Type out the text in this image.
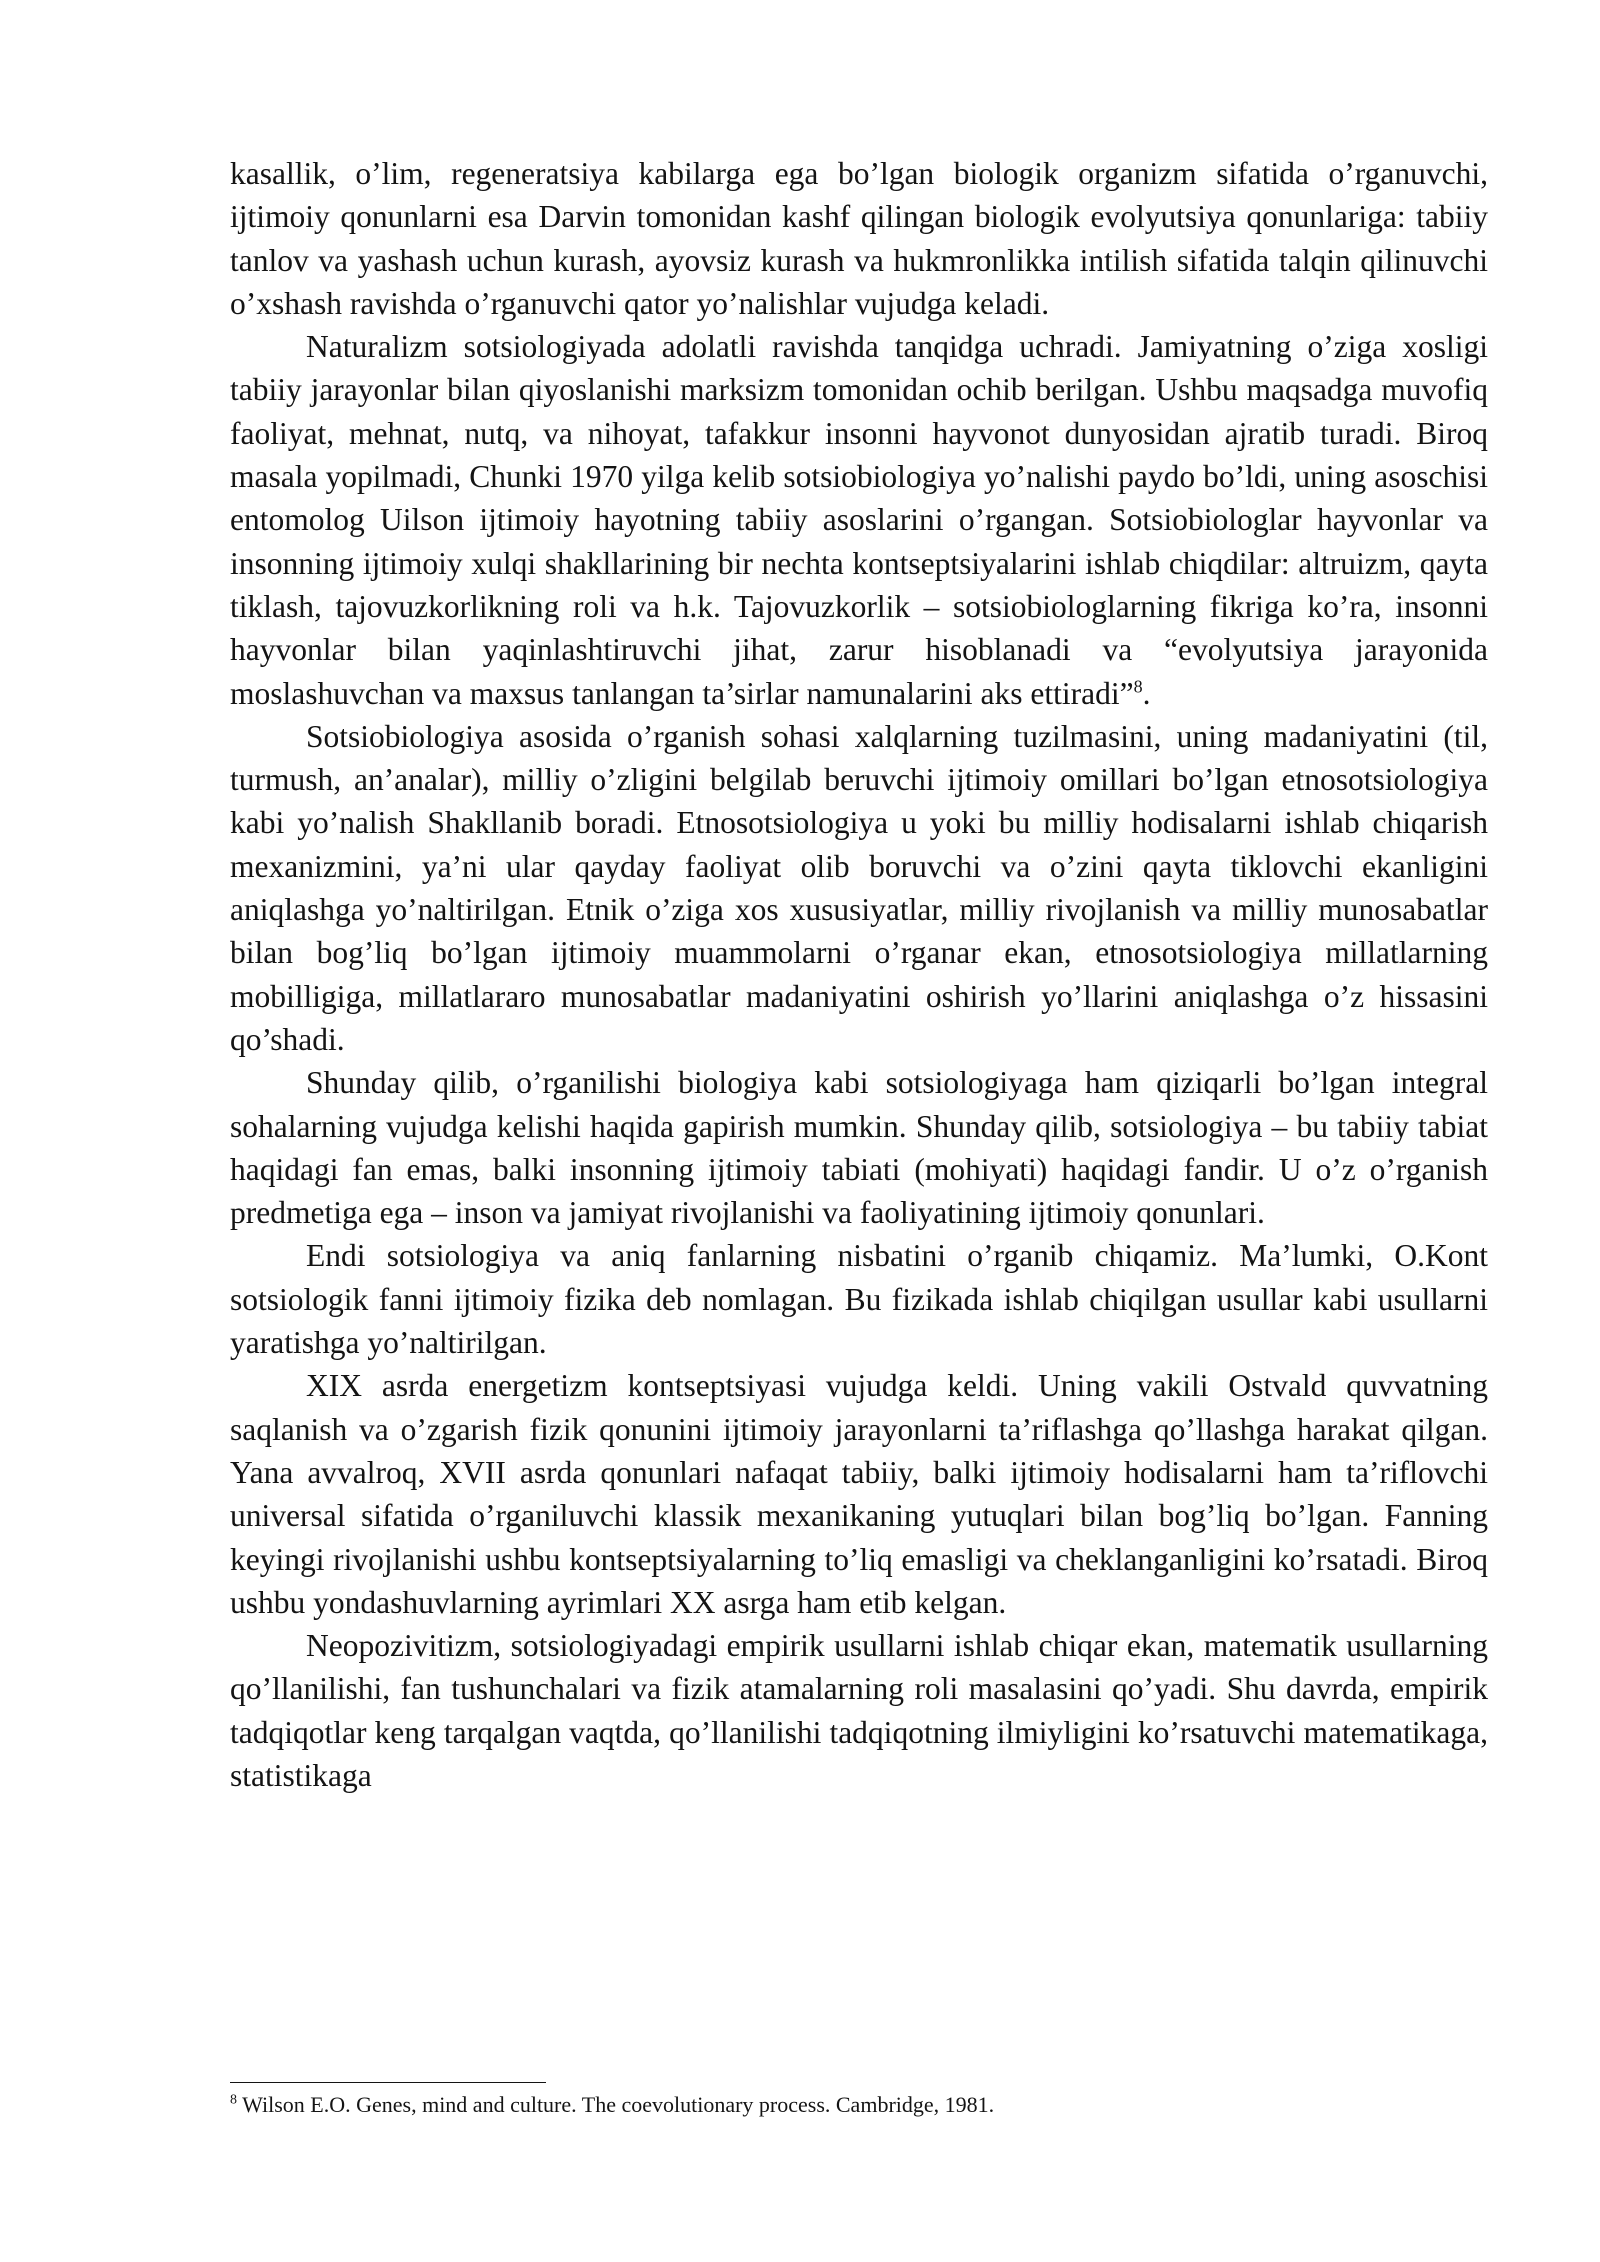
kasallik, o’lim, regeneratsiya kabilarga ega bo’lgan biologik organizm sifatida o’rganuvchi, ijtimoiy qonunlarni esa Darvin tomonidan kashf qilingan biologik evolyutsiya qonunlariga: tabiiy tanlov va yashash uchun kurash, ayovsiz kurash va hukmronlikka intilish sifatida talqin qilinuvchi o’xshash ravishda o’rganuvchi qator yo’nalishlar vujudga keladi.

Naturalizm sotsiologiyada adolatli ravishda tanqidga uchradi. Jamiyatning o’ziga xosligi tabiiy jarayonlar bilan qiyoslanishi marksizm tomonidan ochib berilgan. Ushbu maqsadga muvofiq faoliyat, mehnat, nutq, va nihoyat, tafakkur insonni hayvonot dunyosidan ajratib turadi. Biroq masala yopilmadi, Chunki 1970 yilga kelib sotsiobiologiya yo’nalishi paydo bo’ldi, uning asoschisi entomolog Uilson ijtimoiy hayotning tabiiy asoslarini o’rgangan. Sotsiobiologlar hayvonlar va insonning ijtimoiy xulqi shakllarining bir nechta kontseptsiyalarini ishlab chiqdilar: altruizm, qayta tiklash, tajovuzkorlikning roli va h.k. Tajovuzkorlik – sotsiobiologlarning fikriga ko’ra, insonni hayvonlar bilan yaqinlashtiruvchi jihat, zarur hisoblanadi va “evolyutsiya jarayonida moslashuvchan va maxsus tanlangan ta’sirlar namunalarini aks ettiradi”$^8$.

Sotsiobiologiya asosida o’rganish sohasi xalqlarning tuzilmasini, uning madaniyatini (til, turmush, an’analar), milliy o’zligini belgilab beruvchi ijtimoiy omillari bo’lgan etnosotsiologiya kabi yo’nalish Shakllanib boradi. Etnosotsiologiya u yoki bu milliy hodisalarni ishlab chiqarish mexanizmini, ya’ni ular qayday faoliyat olib boruvchi va o’zini qayta tiklovchi ekanligini aniqlashga yo’naltirilgan. Etnik o’ziga xos xususiyatlar, milliy rivojlanish va milliy munosabatlar bilan bog’liq bo’lgan ijtimoiy muammolarni o’rganar ekan, etnosotsiologiya millatlarning mobilligiga, millatlararo munosabatlar madaniyatini oshirish yo’llarini aniqlashga o’z hissasini qo’shadi.

Shunday qilib, o’rganilishi biologiya kabi sotsiologiyaga ham qiziqarli bo’lgan integral sohalarning vujudga kelishi haqida gapirish mumkin. Shunday qilib, sotsiologiya – bu tabiiy tabiat haqidagi fan emas, balki insonning ijtimoiy tabiati (mohiyati) haqidagi fandir. U o’z o’rganish predmetiga ega – inson va jamiyat rivojlanishi va faoliyatining ijtimoiy qonunlari.

Endi sotsiologiya va aniq fanlarning nisbatini o’rganib chiqamiz. Ma’lumki, O.Kont sotsiologik fanni ijtimoiy fizika deb nomlagan. Bu fizikada ishlab chiqilgan usullar kabi usullarni yaratishga yo’naltirilgan.

XIX asrda energetizm kontseptsiyasi vujudga keldi. Uning vakili Ostvald quvvatning saqlanish va o’zgarish fizik qonunini ijtimoiy jarayonlarni ta’riflashga qo’llashga harakat qilgan. Yana avvalroq, XVII asrda qonunlari nafaqat tabiiy, balki ijtimoiy hodisalarni ham ta’riflovchi universal sifatida o’rganiluvchi klassik mexanikaning yutuqlari bilan bog’liq bo’lgan. Fanning keyingi rivojlanishi ushbu kontseptsiyalarning to’liq emasligi va cheklanganligini ko’rsatadi. Biroq ushbu yondashuvlarning ayrimlari XX asrga ham etib kelgan.

Neopozivitizm, sotsiologiyadagi empirik usullarni ishlab chiqar ekan, matematik usullarning qo’llanilishi, fan tushunchalari va fizik atamalarning roli masalasini qo’yadi. Shu davrda, empirik tadqiqotlar keng tarqalgan vaqtda, qo’llanilishi tadqiqotning ilmiyligini ko’rsatuvchi matematikaga, statistikaga

$^8$ Wilson E.O. Genes, mind and culture. The coevolutionary process. Cambridge, 1981.
